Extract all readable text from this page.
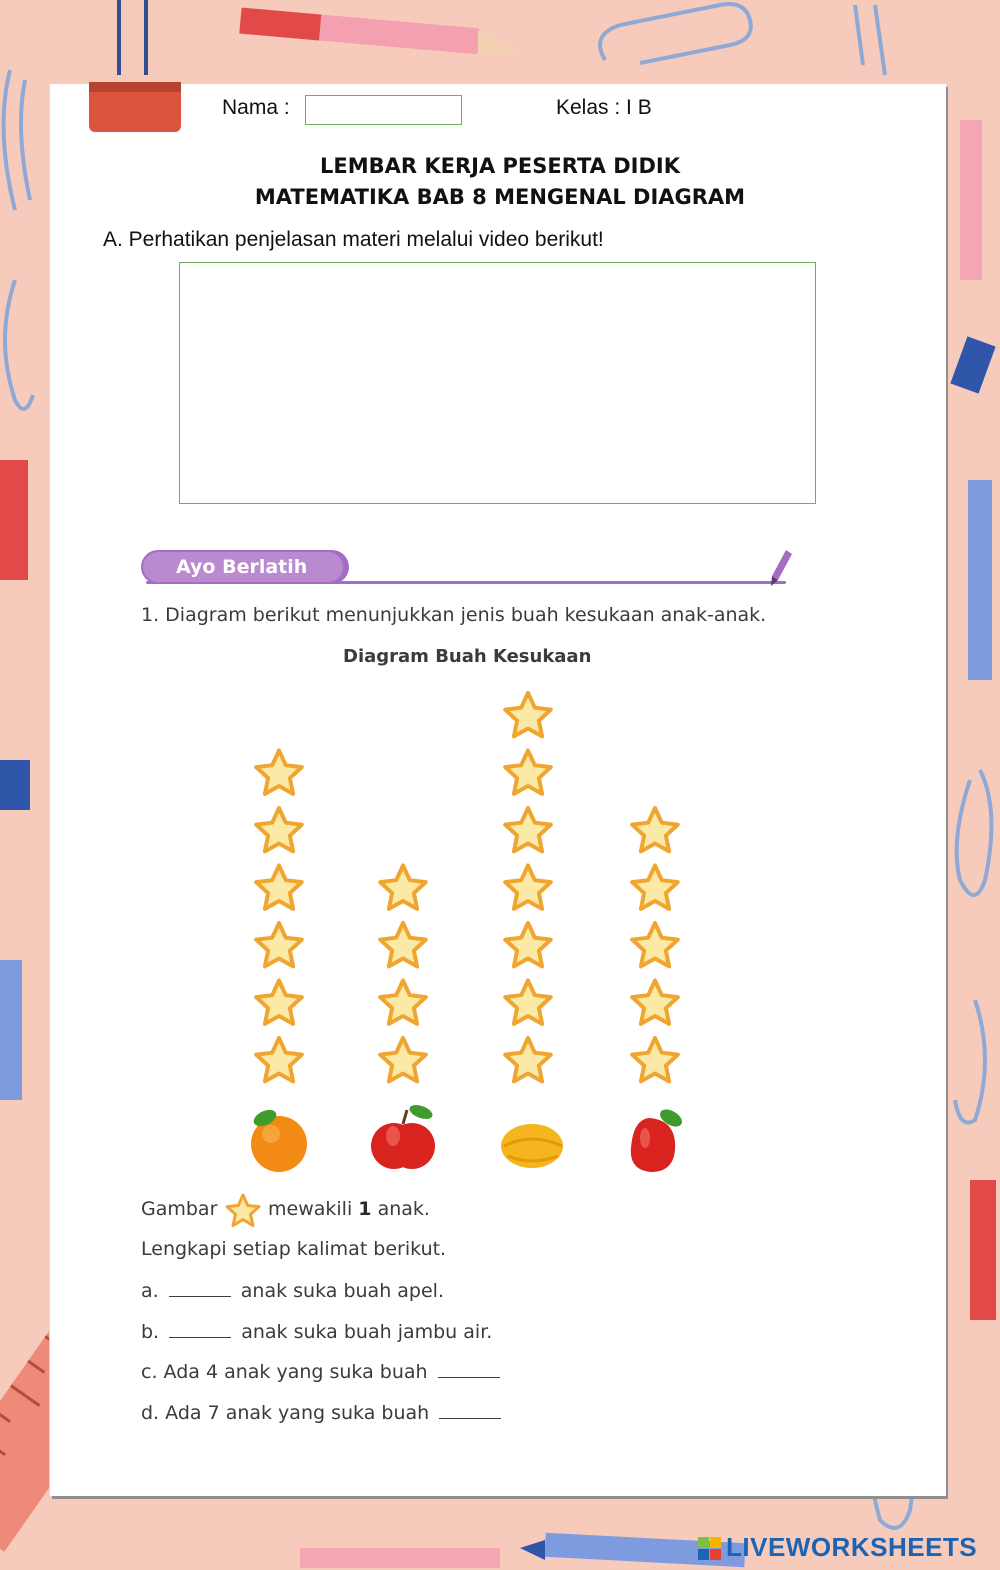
Nama :	Kelas : I B
LEMBAR KERJA PESERTA DIDIK
MATEMATIKA BAB 8 MENGENAL DIAGRAM
A. Perhatikan penjelasan materi melalui video berikut!
Ayo Berlatih
1. Diagram berikut menunjukkan jenis buah kesukaan anak-anak.
Diagram Buah Kesukaan
Gambar	mewakili 1 anak.
Lengkapi setiap kalimat berikut.
a.	anak suka buah apel.
b.	anak suka buah jambu air.
c. Ada 4 anak yang suka buah
d. Ada 7 anak yang suka buah
LIVEWORKSHEETS
